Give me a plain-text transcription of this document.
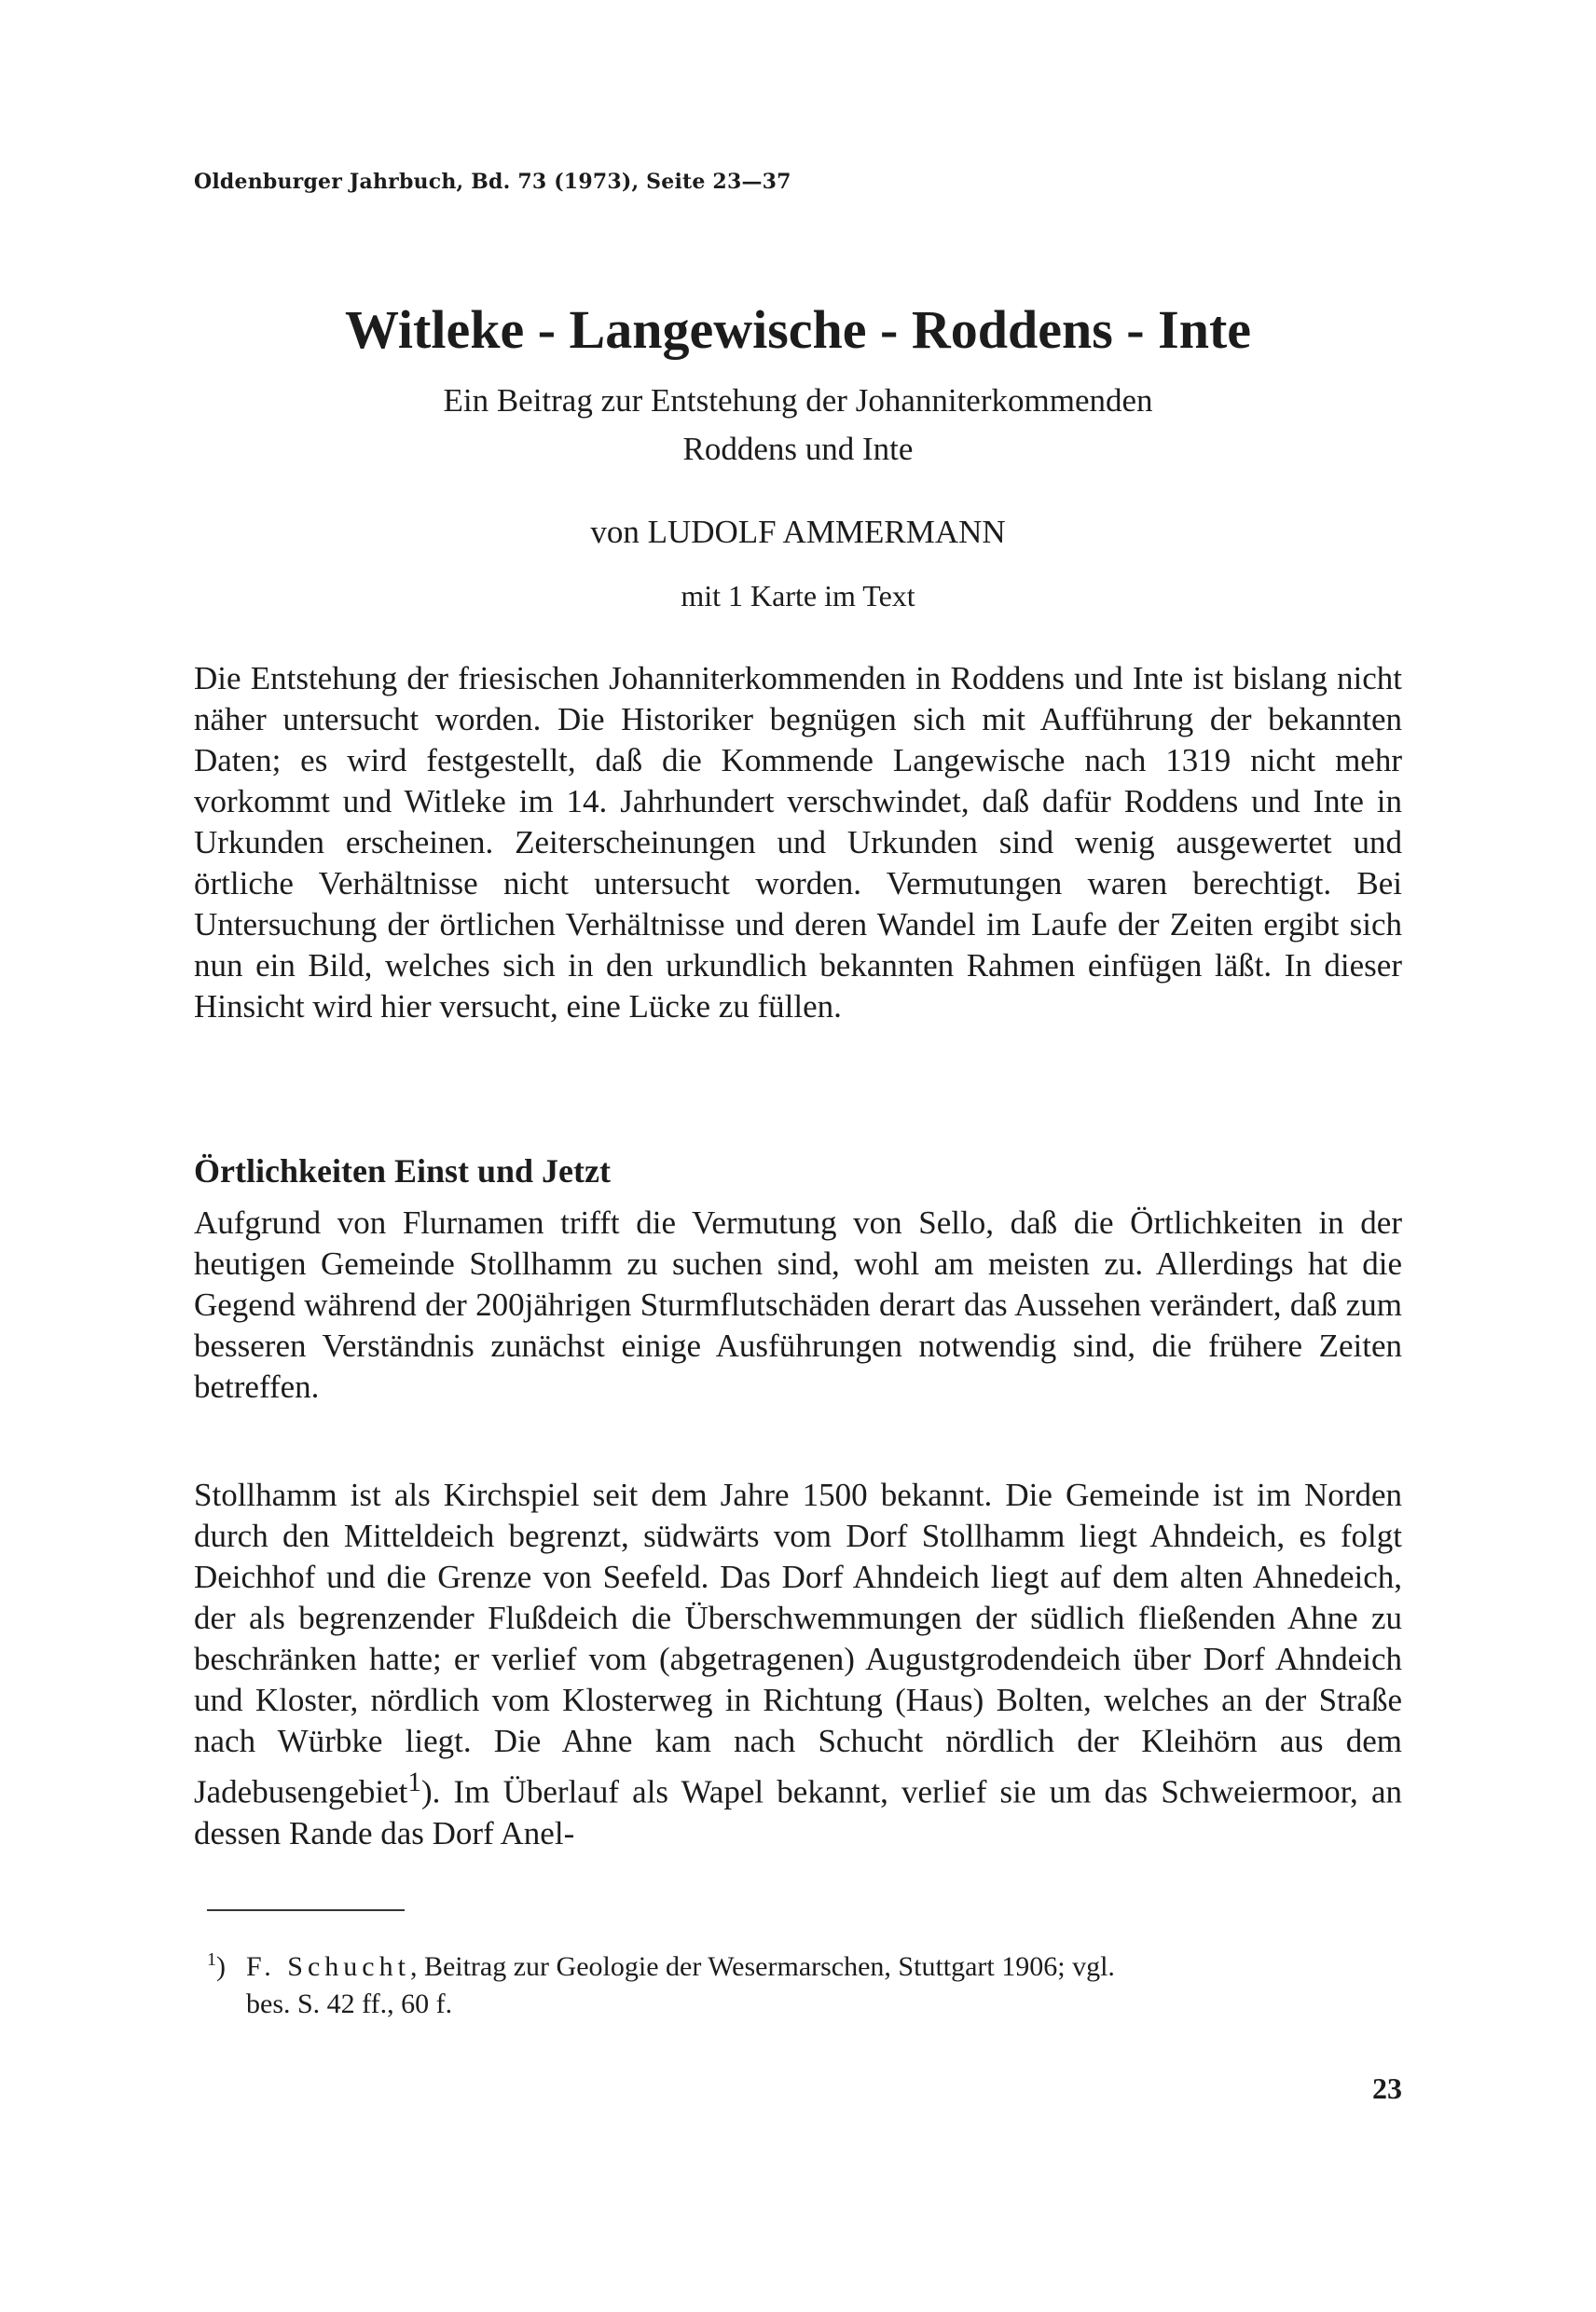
Oldenburger Jahrbuch, Bd. 73 (1973), Seite 23—37
Witleke - Langewische - Roddens - Inte
Ein Beitrag zur Entstehung der Johanniterkommenden
Roddens und Inte
von LUDOLF AMMERMANN
mit 1 Karte im Text
Die Entstehung der friesischen Johanniterkommenden in Roddens und Inte ist bislang nicht näher untersucht worden. Die Historiker begnügen sich mit Aufführung der bekannten Daten; es wird festgestellt, daß die Kommende Langewische nach 1319 nicht mehr vorkommt und Witleke im 14. Jahrhundert verschwindet, daß dafür Roddens und Inte in Urkunden erscheinen. Zeiterscheinungen und Urkunden sind wenig ausgewertet und örtliche Verhältnisse nicht untersucht worden. Vermutungen waren berechtigt. Bei Untersuchung der örtlichen Verhältnisse und deren Wandel im Laufe der Zeiten ergibt sich nun ein Bild, welches sich in den urkundlich bekannten Rahmen einfügen läßt. In dieser Hinsicht wird hier versucht, eine Lücke zu füllen.
Örtlichkeiten Einst und Jetzt
Aufgrund von Flurnamen trifft die Vermutung von Sello, daß die Örtlichkeiten in der heutigen Gemeinde Stollhamm zu suchen sind, wohl am meisten zu. Allerdings hat die Gegend während der 200jährigen Sturmflutschäden derart das Aussehen verändert, daß zum besseren Verständnis zunächst einige Ausführungen notwendig sind, die frühere Zeiten betreffen.
Stollhamm ist als Kirchspiel seit dem Jahre 1500 bekannt. Die Gemeinde ist im Norden durch den Mitteldeich begrenzt, südwärts vom Dorf Stollhamm liegt Ahndeich, es folgt Deichhof und die Grenze von Seefeld. Das Dorf Ahndeich liegt auf dem alten Ahnedeich, der als begrenzender Flußdeich die Überschwemmungen der südlich fließenden Ahne zu beschränken hatte; er verlief vom (abgetragenen) Augustgrodendeich über Dorf Ahndeich und Kloster, nördlich vom Klosterweg in Richtung (Haus) Bolten, welches an der Straße nach Würbke liegt. Die Ahne kam nach Schucht nördlich der Kleihörn aus dem Jadebusengebiet$^1$). Im Überlauf als Wapel bekannt, verlief sie um das Schweiermoor, an dessen Rande das Dorf Anel-
$^1$) F. Schucht, Beitrag zur Geologie der Wesermarschen, Stuttgart 1906; vgl.
bes. S. 42 ff., 60 f.
23
